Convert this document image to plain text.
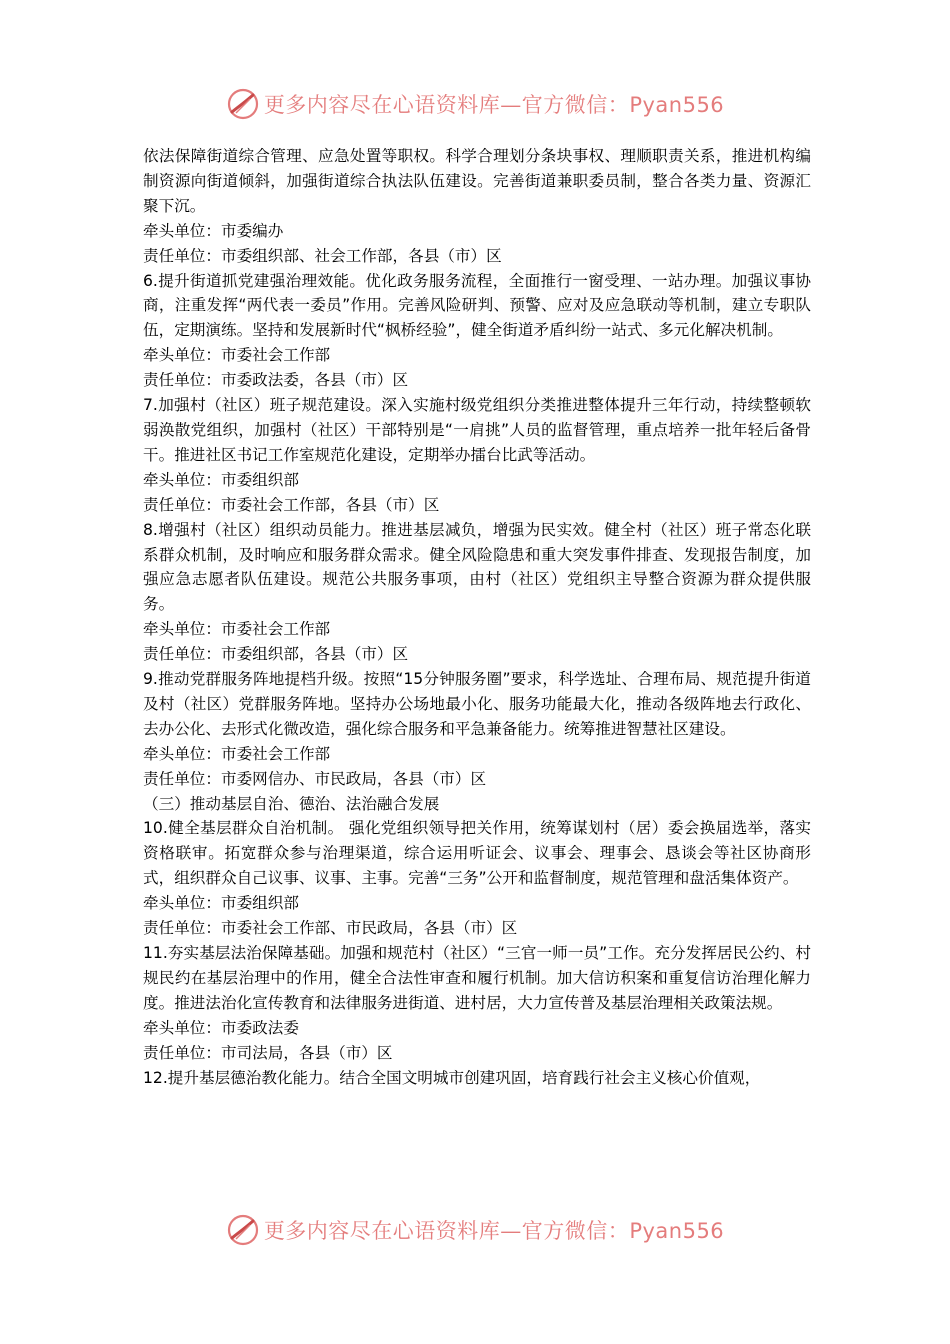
更多内容尽在心语资料库—官方微信：Pyan556

依法保障街道综合管理、应急处置等职权。科学合理划分条块事权、理顺职责关系，推进机构编制资源向街道倾斜，加强街道综合执法队伍建设。完善街道兼职委员制，整合各类力量、资源汇聚下沉。

牵头单位：市委编办

责任单位：市委组织部、社会工作部，各县（市）区

6.提升街道抓党建强治理效能。优化政务服务流程，全面推行一窗受理、一站办理。加强议事协商，注重发挥“两代表一委员”作用。完善风险研判、预警、应对及应急联动等机制，建立专职队伍，定期演练。坚持和发展新时代“枫桥经验”，健全街道矛盾纠纷一站式、多元化解决机制。

牵头单位：市委社会工作部

责任单位：市委政法委，各县（市）区

7.加强村（社区）班子规范建设。深入实施村级党组织分类推进整体提升三年行动，持续整顿软弱涣散党组织，加强村（社区）干部特别是“一肩挑”人员的监督管理，重点培养一批年轻后备骨干。推进社区书记工作室规范化建设，定期举办擂台比武等活动。

牵头单位：市委组织部

责任单位：市委社会工作部，各县（市）区

8.增强村（社区）组织动员能力。推进基层减负，增强为民实效。健全村（社区）班子常态化联系群众机制，及时响应和服务群众需求。健全风险隐患和重大突发事件排查、发现报告制度，加强应急志愿者队伍建设。规范公共服务事项，由村（社区）党组织主导整合资源为群众提供服务。

牵头单位：市委社会工作部

责任单位：市委组织部，各县（市）区

9.推动党群服务阵地提档升级。按照“15分钟服务圈”要求，科学选址、合理布局、规范提升街道及村（社区）党群服务阵地。坚持办公场地最小化、服务功能最大化，推动各级阵地去行政化、去办公化、去形式化微改造，强化综合服务和平急兼备能力。统筹推进智慧社区建设。

牵头单位：市委社会工作部

责任单位：市委网信办、市民政局，各县（市）区

（三）推动基层自治、德治、法治融合发展

10.健全基层群众自治机制。 强化党组织领导把关作用，统筹谋划村（居）委会换届选举，落实资格联审。拓宽群众参与治理渠道，综合运用听证会、议事会、理事会、恳谈会等社区协商形式，组织群众自己议事、议事、主事。完善“三务”公开和监督制度，规范管理和盘活集体资产。

牵头单位：市委组织部

责任单位：市委社会工作部、市民政局，各县（市）区

11.夯实基层法治保障基础。加强和规范村（社区）“三官一师一员”工作。充分发挥居民公约、村规民约在基层治理中的作用，健全合法性审查和履行机制。加大信访积案和重复信访治理化解力度。推进法治化宣传教育和法律服务进街道、进村居，大力宣传普及基层治理相关政策法规。

牵头单位：市委政法委

责任单位：市司法局，各县（市）区

12.提升基层德治教化能力。结合全国文明城市创建巩固，培育践行社会主义核心价值观，

更多内容尽在心语资料库—官方微信：Pyan556
